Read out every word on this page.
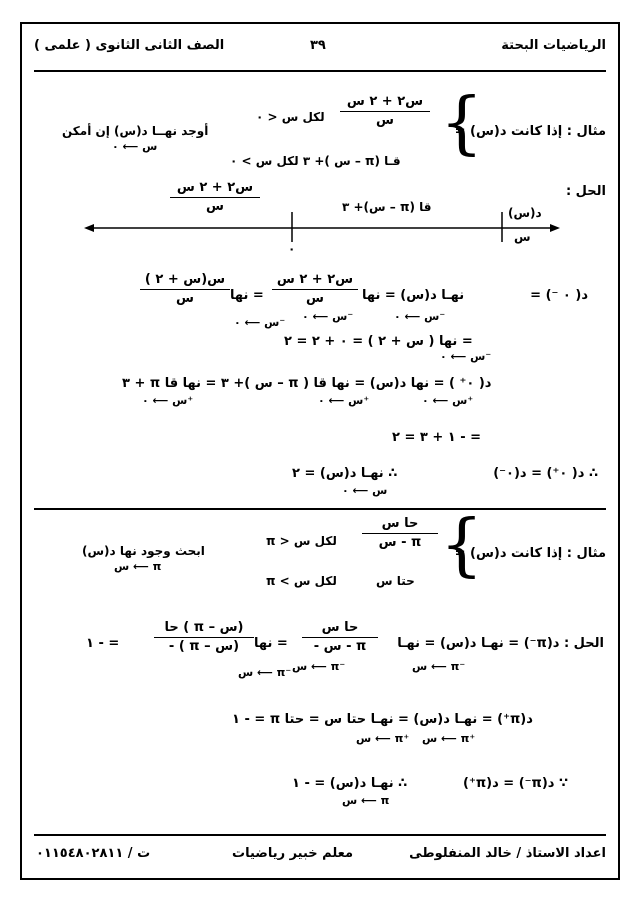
الرياضيات البحتة
٣٩
الصف الثانى الثانوى ( علمى )
مثال : إذا كانت د(س) =
{
س٢ + ٢ س
س
لكل س < ٠
قـا (π – س )+ ٣ لكل س > ٠
أوجد نهــا د(س) إن أمكن
س ⟵ ٠
الحل :
س٢ + ٢ س
س	قا (π – س)+ ٣	د(س)
س
٠
د( ٠ ⁻) =
نهـا د(س) = نها
س٢ + ٢ س
س
= نها
س(س + ٢ )
س
س ⟵ ٠⁻
س ⟵ ٠⁻
س ⟵ ٠⁻
= نها ( س + ٢ ) = ٠ + ٢ = ٢
س ⟵ ٠⁻
د( ٠⁺ ) = نها د(س) = نها قا ( π – س )+ ٣ = نها قا π + ٣
س ⟵ ٠⁺
س ⟵ ٠⁺
س ⟵ ٠⁺
= - ١ + ٣ = ٢
∴ د( ٠⁺) = د(٠⁻)
∴ نهـا د(س) = ٢
س ⟵ ٠
مثال : إذا كانت د(س) =
{
حا س
س - π
لكل س < π
حتا س
لكل س > π
ابحث وجود نها د(س)
س ⟵ π
الحل : د(π⁻) = نهـا د(س) = نهـا
حا س
- س - π
= نها
حا ( π – س)
- ( π – س)
= - ١
س ⟵ π⁻
س ⟵ π⁻
س ⟵ π⁻
د(π⁺) = نهـا د(س) = نهـا حتا س = حتا π = - ١
س ⟵ π⁺
س ⟵ π⁺
∵ د(π⁻) = د(π⁺)
∴ نهـا د(س) = - ١
س ⟵ π
اعداد الاستاذ / خالد المنفلوطى
معلم خبير رياضيات
ت / ٠١١٥٤٨٠٢٨١١
